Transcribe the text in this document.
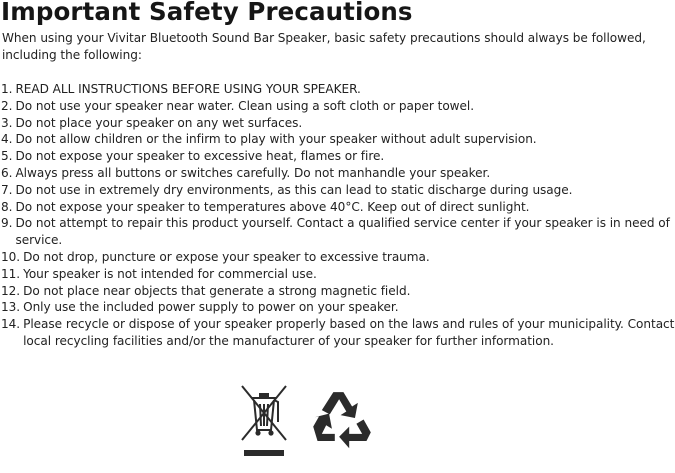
Important Safety Precautions

When using your Vivitar Bluetooth Sound Bar Speaker, basic safety precautions should always be followed, including the following:

1. READ ALL INSTRUCTIONS BEFORE USING YOUR SPEAKER.
2. Do not use your speaker near water. Clean using a soft cloth or paper towel.
3. Do not place your speaker on any wet surfaces.
4. Do not allow children or the infirm to play with your speaker without adult supervision.
5. Do not expose your speaker to excessive heat, flames or fire.
6. Always press all buttons or switches carefully. Do not manhandle your speaker.
7. Do not use in extremely dry environments, as this can lead to static discharge during usage.
8. Do not expose your speaker to temperatures above 40°C. Keep out of direct sunlight.
9. Do not attempt to repair this product yourself. Contact a qualified service center if your speaker is in need of service.
10. Do not drop, puncture or expose your speaker to excessive trauma.
11. Your speaker is not intended for commercial use.
12. Do not place near objects that generate a strong magnetic field.
13. Only use the included power supply to power on your speaker.
14. Please recycle or dispose of your speaker properly based on the laws and rules of your municipality. Contact local recycling facilities and/or the manufacturer of your speaker for further information.
